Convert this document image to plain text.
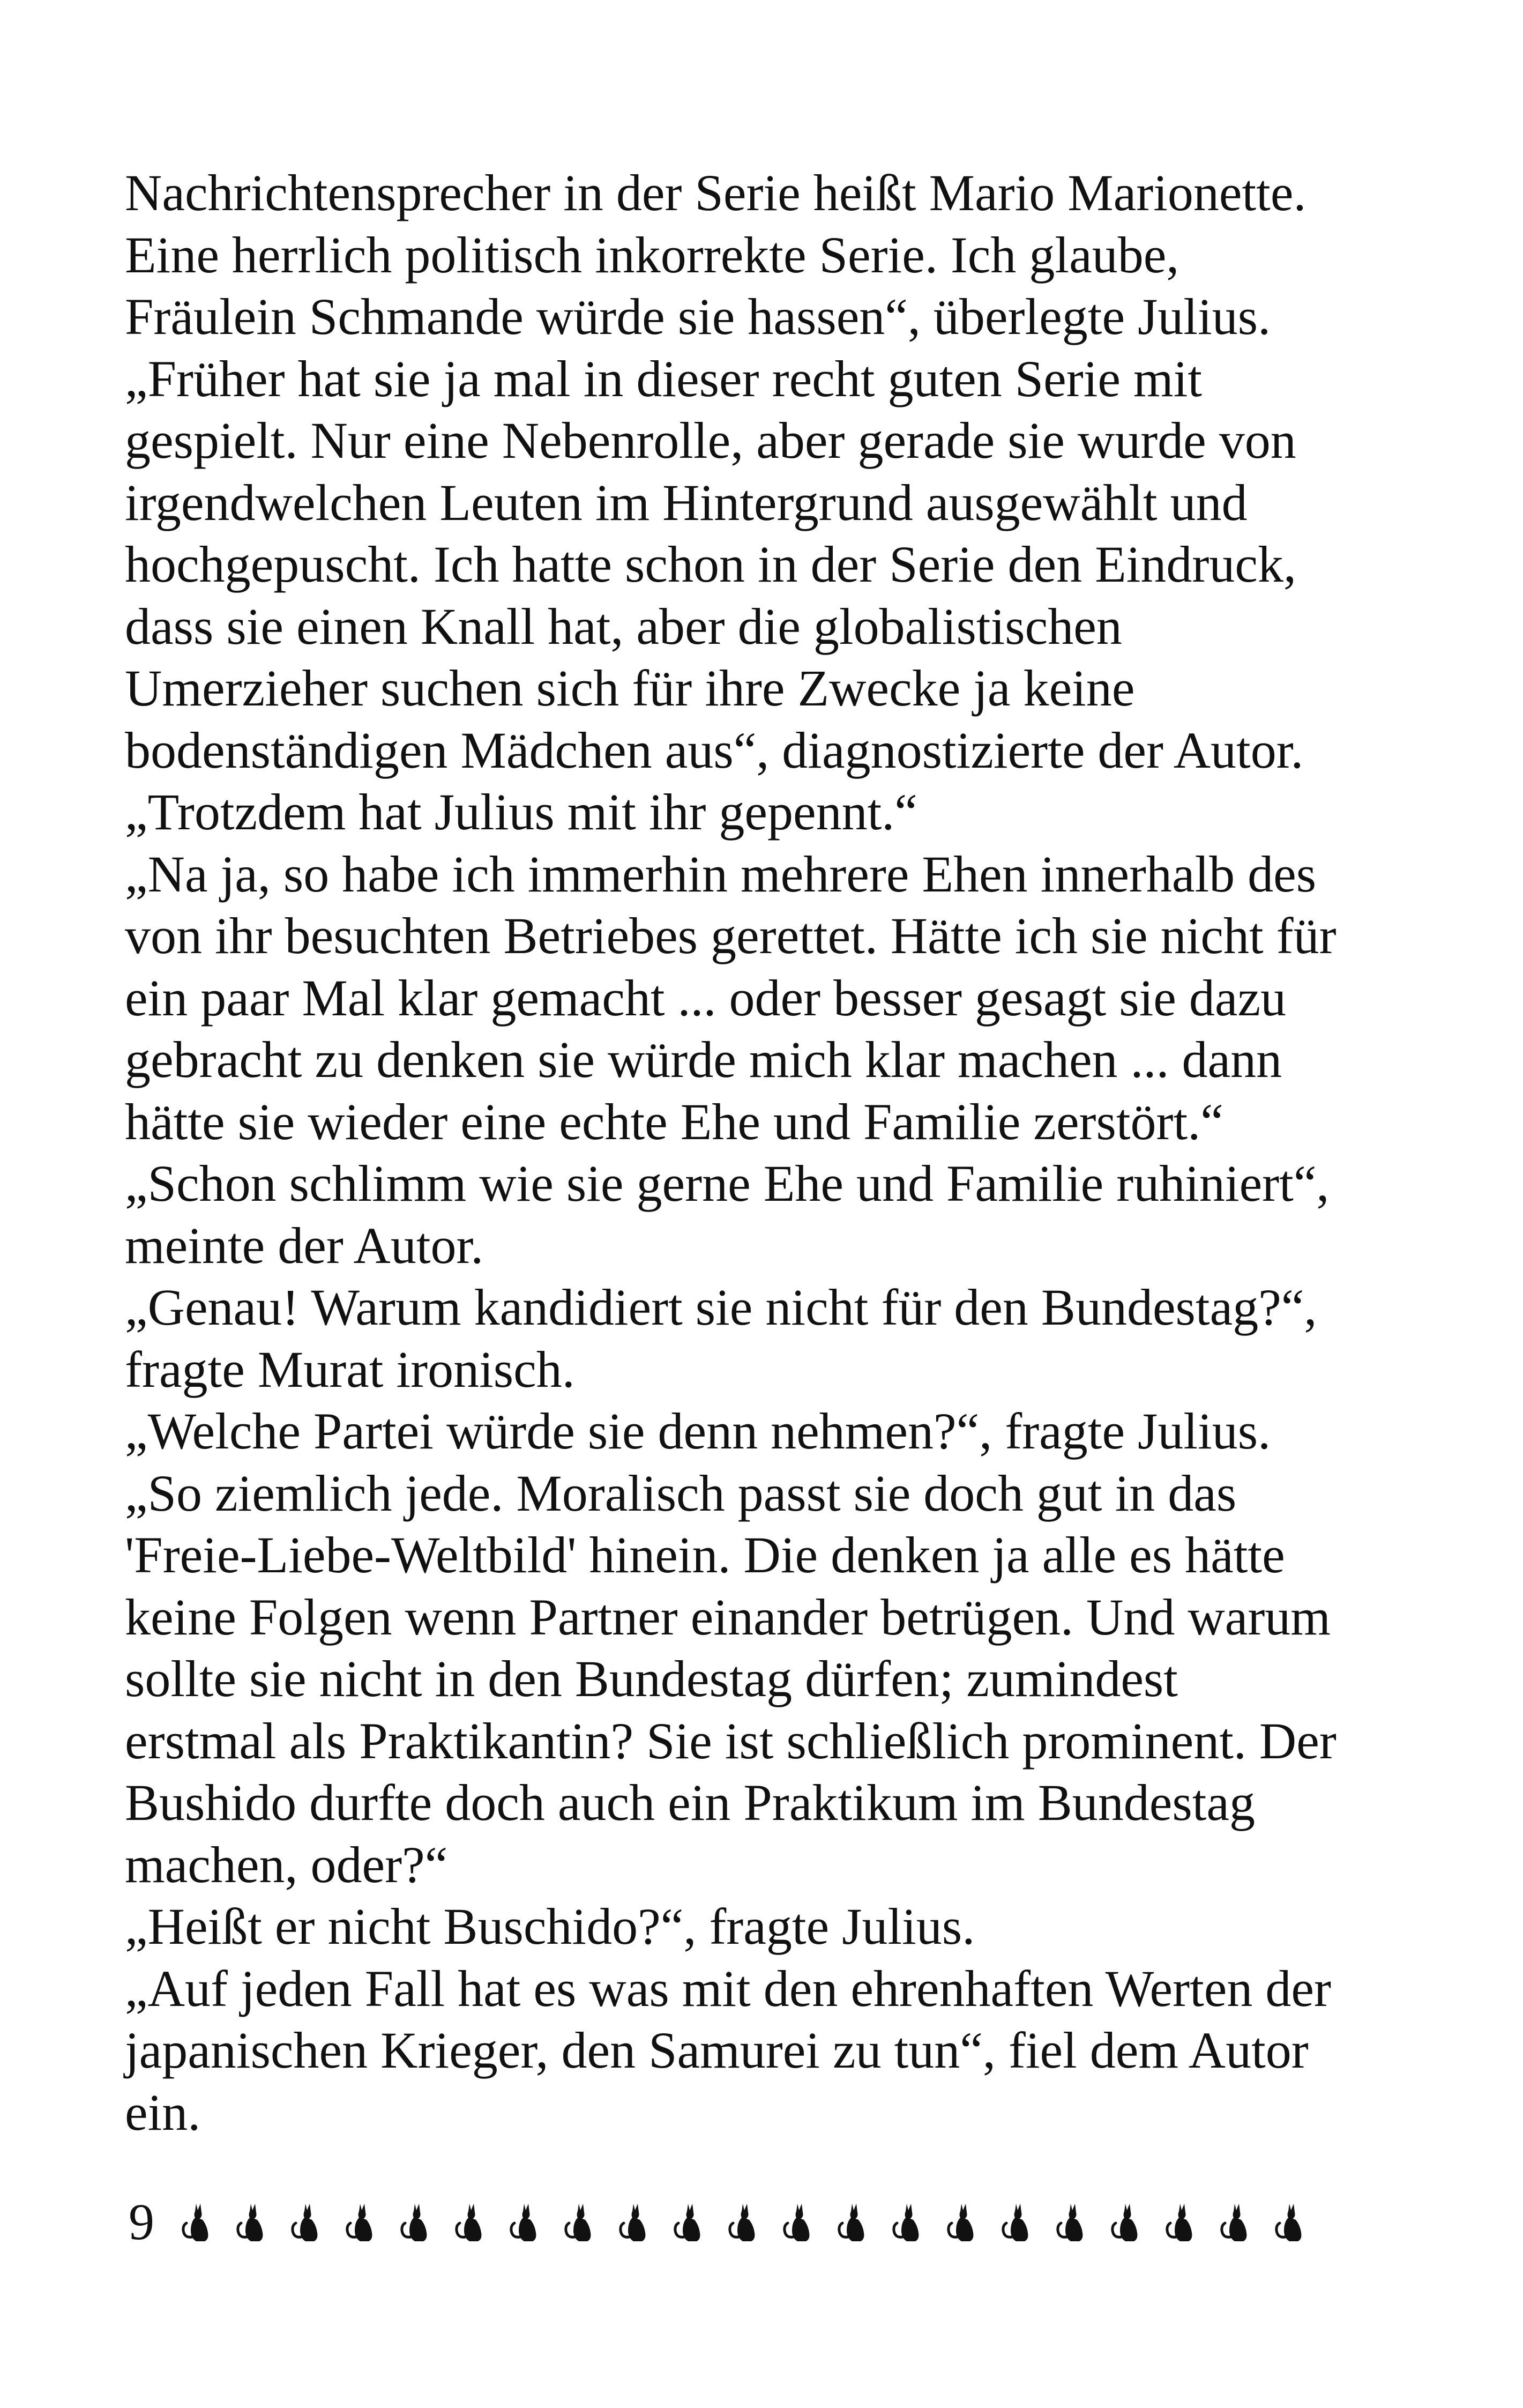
Nachrichtensprecher in der Serie heißt Mario Marionette.
Eine herrlich politisch inkorrekte Serie. Ich glaube,
Fräulein Schmande würde sie hassen“, überlegte Julius.
„Früher hat sie ja mal in dieser recht guten Serie mit
gespielt. Nur eine Nebenrolle, aber gerade sie wurde von
irgendwelchen Leuten im Hintergrund ausgewählt und
hochgepuscht. Ich hatte schon in der Serie den Eindruck,
dass sie einen Knall hat, aber die globalistischen
Umerzieher suchen sich für ihre Zwecke ja keine
bodenständigen Mädchen aus“, diagnostizierte der Autor.
„Trotzdem hat Julius mit ihr gepennt.“
„Na ja, so habe ich immerhin mehrere Ehen innerhalb des
von ihr besuchten Betriebes gerettet. Hätte ich sie nicht für
ein paar Mal klar gemacht ... oder besser gesagt sie dazu
gebracht zu denken sie würde mich klar machen ... dann
hätte sie wieder eine echte Ehe und Familie zerstört.“
„Schon schlimm wie sie gerne Ehe und Familie ruhiniert“,
meinte der Autor.
„Genau! Warum kandidiert sie nicht für den Bundestag?“,
fragte Murat ironisch.
„Welche Partei würde sie denn nehmen?“, fragte Julius.
„So ziemlich jede. Moralisch passt sie doch gut in das
'Freie-Liebe-Weltbild' hinein. Die denken ja alle es hätte
keine Folgen wenn Partner einander betrügen. Und warum
sollte sie nicht in den Bundestag dürfen; zumindest
erstmal als Praktikantin? Sie ist schließlich prominent. Der
Bushido durfte doch auch ein Praktikum im Bundestag
machen, oder?“
„Heißt er nicht Buschido?“, fragte Julius.
„Auf jeden Fall hat es was mit den ehrenhaften Werten der
japanischen Krieger, den Samurei zu tun“, fiel dem Autor
ein.
9
